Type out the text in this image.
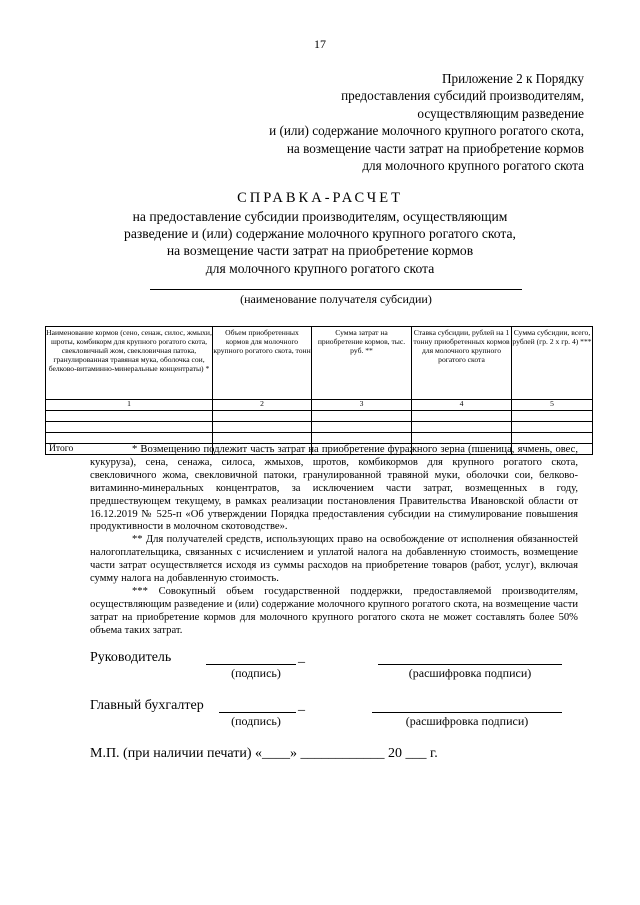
17
Приложение 2 к Порядку
предоставления субсидий производителям,
осуществляющим разведение
и (или) содержание молочного крупного рогатого скота,
на возмещение части затрат на приобретение кормов
для молочного крупного рогатого скота
СПРАВКА-РАСЧЕТ
на предоставление субсидии производителям, осуществляющим
разведение и (или) содержание молочного крупного рогатого скота,
на возмещение части затрат на приобретение кормов
для молочного крупного рогатого скота
(наименование получателя субсидии)
Наименование кормов (сено, сенаж, силос, жмыхи, шроты, комбикорм для крупного рогатого скота, свекловичный жом, свекловичная патока, гранулированная травяная мука, оболочка сои, белково-витаминно-минеральные концентраты) *	Объем приобретенных кормов для молочного крупного рогатого скота, тонн	Сумма затрат на приобретение кормов, тыс. руб. **	Ставка субсидии, рублей на 1 тонну приобретенных кормов для молочного крупного рогатого скота	Сумма субсидии, всего, рублей (гр. 2 x гр. 4) ***
1	2	3	4	5

Итого					* Возмещению подлежит часть затрат на приобретение фуражного зерна (пшеница, ячмень, овес, кукуруза), сена, сенажа, силоса, жмыхов, шротов, комбикормов для крупного рогатого скота, свекловичного жома, свекловичной патоки, гранулированной травяной муки, оболочки сои, белково-витаминно-минеральных концентратов, за исключением части затрат, возмещенных в году, предшествующем текущему, в рамках реализации постановления Правительства Ивановской области от 16.12.2019 № 525-п «Об утверждении Порядка предоставления субсидии на стимулирование повышения продуктивности в молочном скотоводстве».

** Для получателей средств, использующих право на освобождение от исполнения обязанностей налогоплательщика, связанных с исчислением и уплатой налога на добавленную стоимость, возмещение части затрат осуществляется исходя из суммы расходов на приобретение товаров (работ, услуг), включая сумму налога на добавленную стоимость.

*** Совокупный объем государственной поддержки, предоставляемой производителям, осуществляющим разведение и (или) содержание молочного крупного рогатого скота, на возмещение части затрат на приобретение кормов для молочного крупного рогатого скота не может составлять более 50% объема таких затрат.

Руководитель	_
(подпись)	(расшифровка подписи)
Главный бухгалтер	_
(подпись)	(расшифровка подписи)
М.П. (при наличии печати) «____» ____________ 20 ___ г.
